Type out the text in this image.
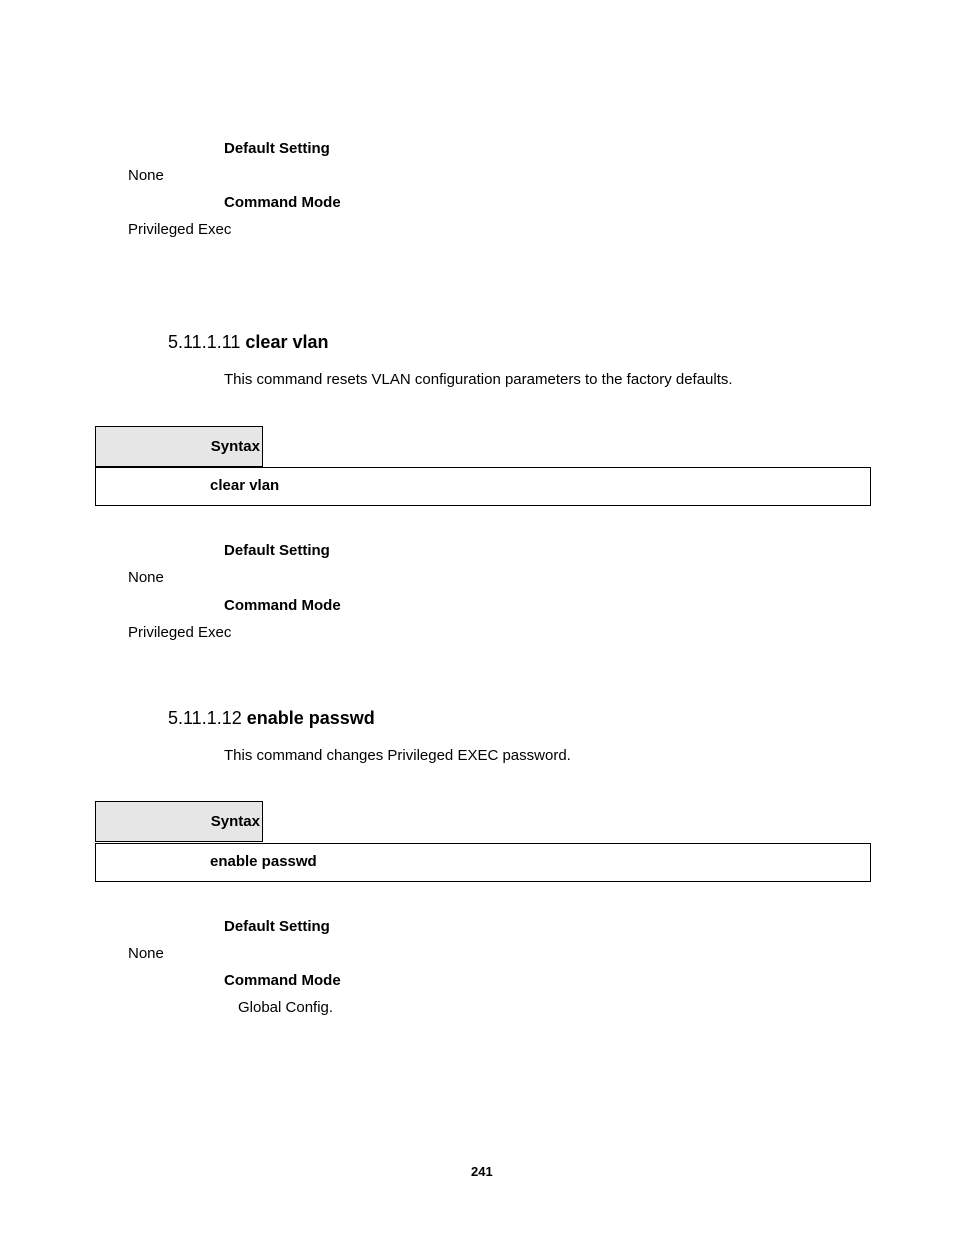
Default Setting
None
Command Mode
Privileged Exec
5.11.1.11 clear vlan
This command resets VLAN configuration parameters to the factory defaults.
Syntax
clear vlan
Default Setting
None
Command Mode
Privileged Exec
5.11.1.12 enable passwd
This command changes Privileged EXEC password.
Syntax
enable passwd
Default Setting
None
Command Mode
Global Config.
241
